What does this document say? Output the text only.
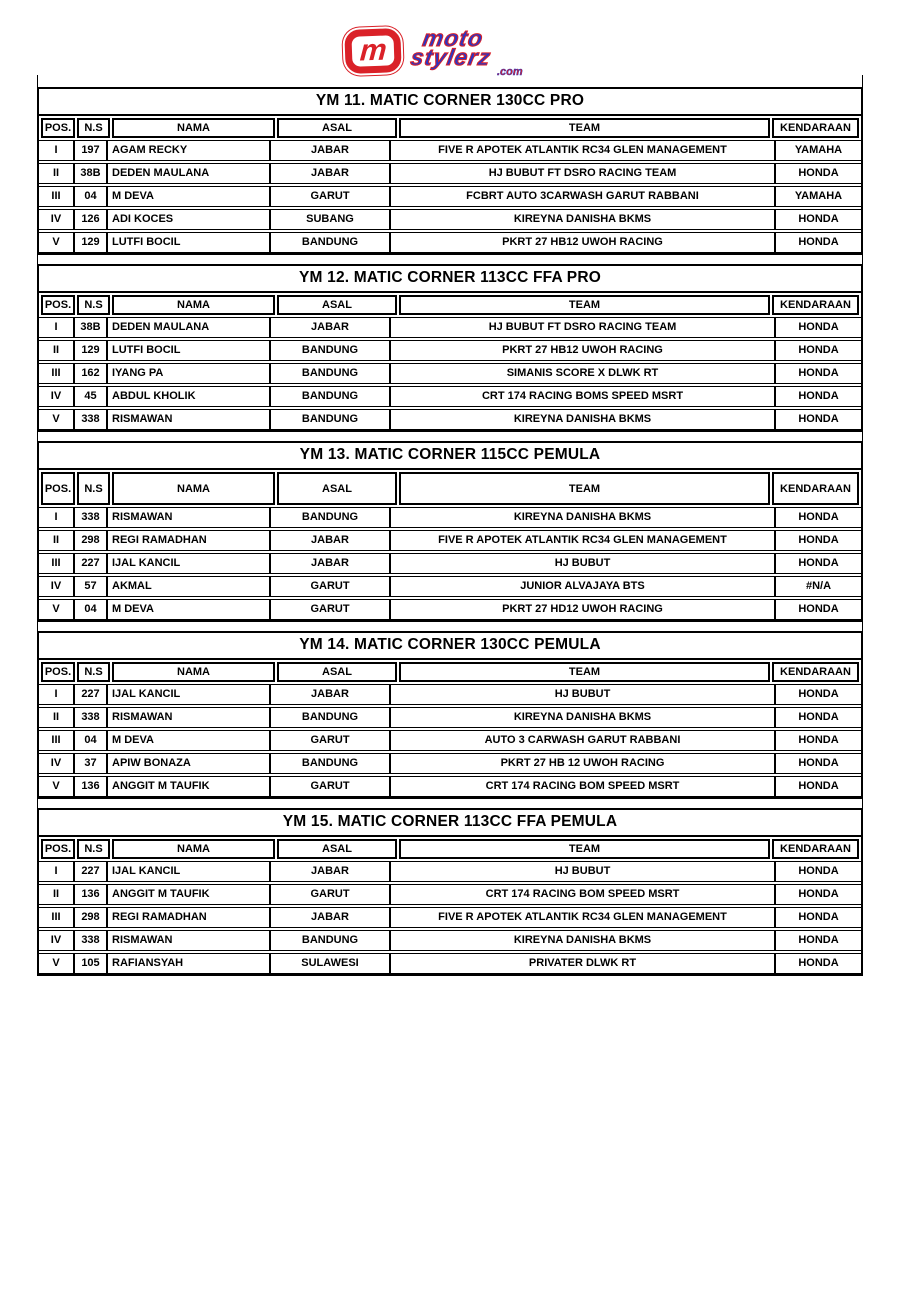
m moto
stylerz
.com
YM 11. MATIC CORNER 130CC PRO
POS.	N.S	NAMA	ASAL	TEAM	KENDARAAN
I	197	AGAM RECKY	JABAR	FIVE R APOTEK ATLANTIK RC34 GLEN MANAGEMENT	YAMAHA
II	38B	DEDEN MAULANA	JABAR	HJ BUBUT FT DSRO RACING TEAM	HONDA
III	04	M DEVA	GARUT	FCBRT AUTO 3CARWASH GARUT RABBANI	YAMAHA
IV	126	ADI KOCES	SUBANG	KIREYNA DANISHA BKMS	HONDA
V	129	LUTFI BOCIL	BANDUNG	PKRT 27 HB12 UWOH RACING	HONDA
YM 12. MATIC CORNER 113CC FFA PRO
POS.	N.S	NAMA	ASAL	TEAM	KENDARAAN
I	38B	DEDEN MAULANA	JABAR	HJ BUBUT FT DSRO RACING TEAM	HONDA
II	129	LUTFI BOCIL	BANDUNG	PKRT 27 HB12 UWOH RACING	HONDA
III	162	IYANG PA	BANDUNG	SIMANIS SCORE X DLWK RT	HONDA
IV	45	ABDUL KHOLIK	BANDUNG	CRT 174 RACING BOMS SPEED MSRT	HONDA
V	338	RISMAWAN	BANDUNG	KIREYNA DANISHA BKMS	HONDA
YM 13. MATIC CORNER 115CC PEMULA
POS.	N.S	NAMA	ASAL	TEAM	KENDARAAN
I	338	RISMAWAN	BANDUNG	KIREYNA DANISHA BKMS	HONDA
II	298	REGI RAMADHAN	JABAR	FIVE R APOTEK ATLANTIK RC34 GLEN MANAGEMENT	HONDA
III	227	IJAL KANCIL	JABAR	HJ BUBUT	HONDA
IV	57	AKMAL	GARUT	JUNIOR ALVAJAYA BTS	#N/A
V	04	M DEVA	GARUT	PKRT 27 HD12 UWOH RACING	HONDA
YM 14. MATIC CORNER 130CC PEMULA
POS.	N.S	NAMA	ASAL	TEAM	KENDARAAN
I	227	IJAL KANCIL	JABAR	HJ BUBUT	HONDA
II	338	RISMAWAN	BANDUNG	KIREYNA DANISHA BKMS	HONDA
III	04	M DEVA	GARUT	AUTO 3 CARWASH GARUT RABBANI	HONDA
IV	37	APIW BONAZA	BANDUNG	PKRT 27 HB 12 UWOH RACING	HONDA
V	136	ANGGIT M TAUFIK	GARUT	CRT 174 RACING BOM SPEED MSRT	HONDA
YM 15. MATIC CORNER 113CC FFA PEMULA
POS.	N.S	NAMA	ASAL	TEAM	KENDARAAN
I	227	IJAL KANCIL	JABAR	HJ BUBUT	HONDA
II	136	ANGGIT M TAUFIK	GARUT	CRT 174 RACING BOM SPEED MSRT	HONDA
III	298	REGI RAMADHAN	JABAR	FIVE R APOTEK ATLANTIK RC34 GLEN MANAGEMENT	HONDA
IV	338	RISMAWAN	BANDUNG	KIREYNA DANISHA BKMS	HONDA
V	105	RAFIANSYAH	SULAWESI	PRIVATER DLWK RT	HONDA
